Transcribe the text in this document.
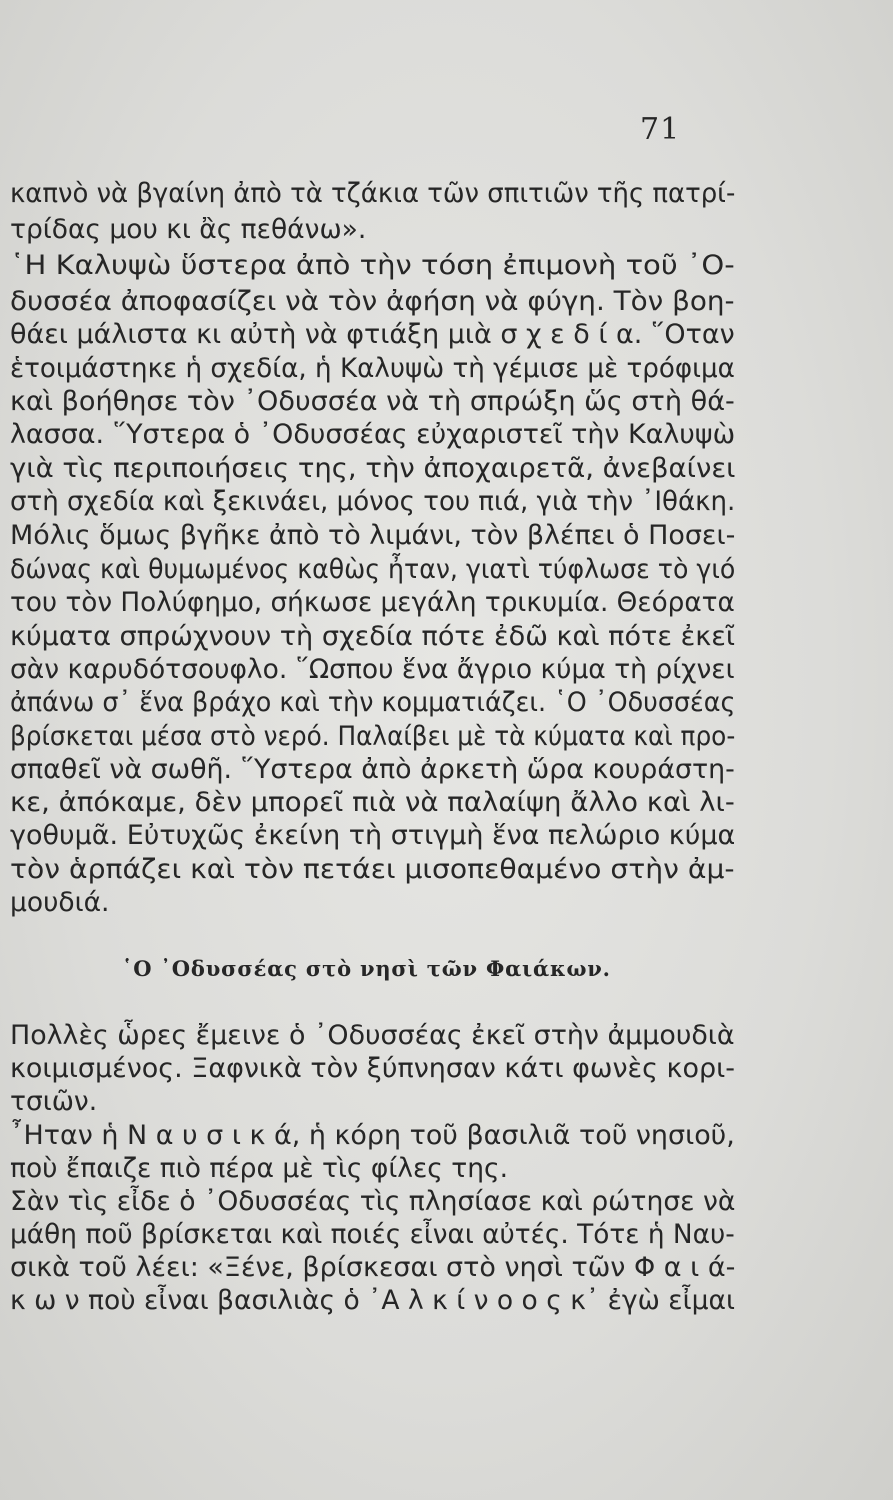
71
καπνὸ νὰ βγαίνη ἀπὸ τὰ τζάκια τῶν σπιτιῶν τῆς πατρί-
τρίδας μου κι ἂς πεθάνω».
῾Η Καλυψὼ ὕστερα ἀπὸ τὴν τόση ἐπιμονὴ τοῦ ᾿Ο-
δυσσέα ἀποφασίζει νὰ τὸν ἀφήση νὰ φύγη. Τὸν βοη-
θάει μάλιστα κι αὐτὴ νὰ φτιάξη μιὰ σ χ ε δ ί α. ῞Οταν
ἑτοιμάστηκε ἡ σχεδία, ἡ Καλυψὼ τὴ γέμισε μὲ τρόφιμα
καὶ βοήθησε τὸν ᾿Οδυσσέα νὰ τὴ σπρώξη ὥς στὴ θά-
λασσα. ῞Υστερα ὁ ᾿Οδυσσέας εὐχαριστεῖ τὴν Καλυψὼ
γιὰ τὶς περιποιήσεις της, τὴν ἀποχαιρετᾶ, ἀνεβαίνει
στὴ σχεδία καὶ ξεκινάει, μόνος του πιά, γιὰ τὴν ᾿Ιθάκη.
Μόλις ὅμως βγῆκε ἀπὸ τὸ λιμάνι, τὸν βλέπει ὁ Ποσει-
δώνας καὶ θυμωμένος καθὼς ἦταν, γιατὶ τύφλωσε τὸ γιό
του τὸν Πολύφημο, σήκωσε μεγάλη τρικυμία. Θεόρατα
κύματα σπρώχνουν τὴ σχεδία πότε ἐδῶ καὶ πότε ἐκεῖ
σὰν καρυδότσουφλο. ῞Ωσπου ἕνα ἄγριο κύμα τὴ ρίχνει
ἀπάνω σ᾿ ἕνα βράχο καὶ τὴν κομματιάζει. ῾Ο ᾿Οδυσσέας
βρίσκεται μέσα στὸ νερό. Παλαίβει μὲ τὰ κύματα καὶ προ-
σπαθεῖ νὰ σωθῆ. ῞Υστερα ἀπὸ ἀρκετὴ ὥρα κουράστη-
κε, ἀπόκαμε, δὲν μπορεῖ πιὰ νὰ παλαίψη ἄλλο καὶ λι-
γοθυμᾶ. Εὐτυχῶς ἐκείνη τὴ στιγμὴ ἕνα πελώριο κύμα
τὸν ἁρπάζει καὶ τὸν πετάει μισοπεθαμένο στὴν ἀμ-
μουδιά.
῾Ο ᾿Οδυσσέας στὸ νησὶ τῶν Φαιάκων.
Πολλὲς ὧρες ἔμεινε ὁ ᾿Οδυσσέας ἐκεῖ στὴν ἀμμουδιὰ
κοιμισμένος. Ξαφνικὰ τὸν ξύπνησαν κάτι φωνὲς κορι-
τσιῶν.
῏Ηταν ἡ Ν α υ σ ι κ ά, ἡ κόρη τοῦ βασιλιᾶ τοῦ νησιοῦ,
ποὺ ἔπαιζε πιὸ πέρα μὲ τὶς φίλες της.
Σὰν τὶς εἶδε ὁ ᾿Οδυσσέας τὶς πλησίασε καὶ ρώτησε νὰ
μάθη ποῦ βρίσκεται καὶ ποιές εἶναι αὐτές. Τότε ἡ Ναυ-
σικὰ τοῦ λέει: «Ξένε, βρίσκεσαι στὸ νησὶ τῶν Φ α ι ά-
κ ω ν ποὺ εἶναι βασιλιὰς ὁ ᾿Α λ κ ί ν ο ο ς κ᾿ ἐγὼ εἶμαι
